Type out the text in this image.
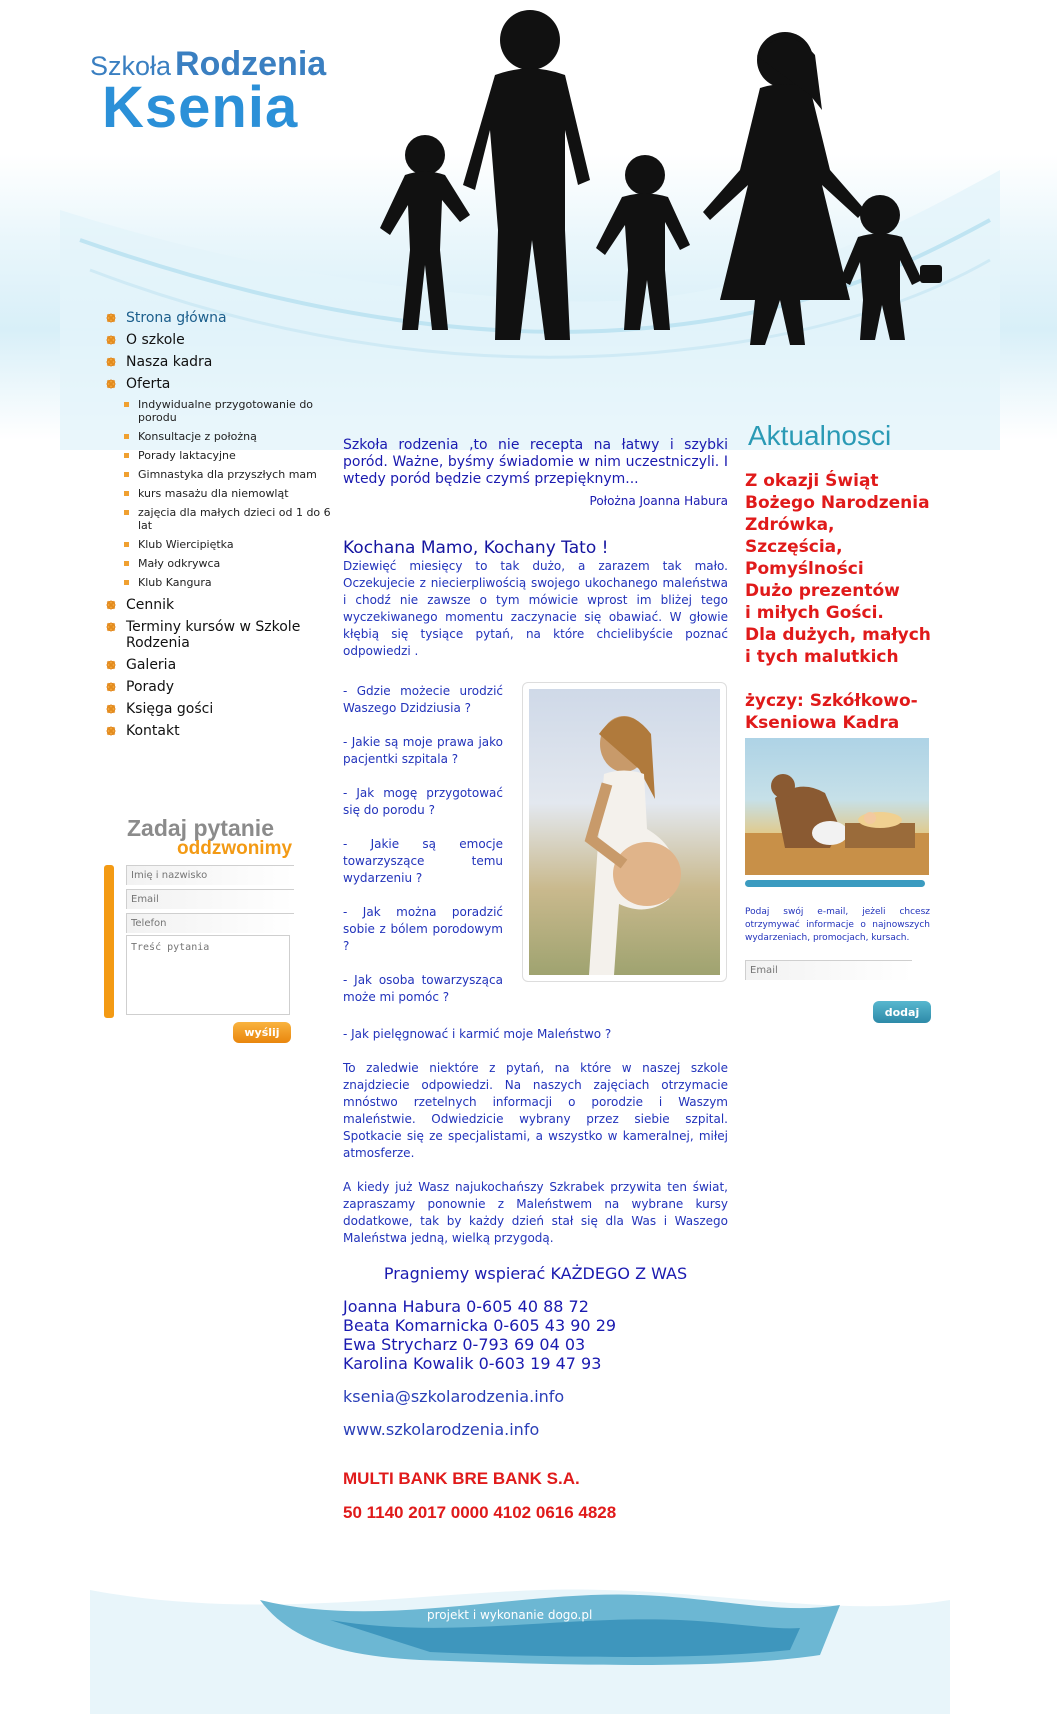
Szkoła Rodzenia
Ksenia
Strona główna
O szkole
Nasza kadra
Oferta
Indywidualne przygotowanie do porodu
Konsultacje z położną
Porady laktacyjne
Gimnastyka dla przyszłych mam
kurs masażu dla niemowląt
zajęcia dla małych dzieci od 1 do 6 lat
Klub Wiercipiętka
Mały odkrywca
Klub Kangura
Cennik
Terminy kursów w Szkole Rodzenia
Galeria
Porady
Księga gości
Kontakt
Zadaj pytanie
oddzwonimy
Imię i nazwisko
Email
Telefon
Treść pytania
wyślij
Szkoła rodzenia ,to nie recepta na łatwy i szybki poród. Ważne, byśmy świadomie w nim uczestniczyli. I wtedy poród będzie czymś przepięknym...
Położna Joanna Habura
Kochana Mamo, Kochany Tato !

Dziewięć miesięcy to tak dużo, a zarazem tak mało. Oczekujecie z niecierpliwością swojego ukochanego maleństwa i chodź nie zawsze o tym mówicie wprost im bliżej tego wyczekiwanego momentu zaczynacie się obawiać. W głowie kłębią się tysiące pytań, na które chcielibyście poznać odpowiedzi .

- Gdzie możecie urodzić Waszego Dzidziusia ?
- Jakie są moje prawa jako pacjentki szpitala ?
- Jak mogę przygotować się do porodu ?
- Jakie są emocje towarzyszące temu wydarzeniu ?
- Jak można poradzić sobie z bólem porodowym ?
- Jak osoba towarzysząca może mi pomóc ?

- Jak pielęgnować i karmić moje Maleństwo ?

To zaledwie niektóre z pytań, na które w naszej szkole znajdziecie odpowiedzi. Na naszych zajęciach otrzymacie mnóstwo rzetelnych informacji o porodzie i Waszym maleństwie. Odwiedzicie wybrany przez siebie szpital. Spotkacie się ze specjalistami, a wszystko w kameralnej, miłej atmosferze.

A kiedy już Wasz najukochańszy Szkrabek przywita ten świat, zapraszamy ponownie z Maleństwem na wybrane kursy dodatkowe, tak by każdy dzień stał się dla Was i Waszego Maleństwa jedną, wielką przygodą.

Pragniemy wspierać KAŻDEGO Z WAS
Joanna Habura 0-605 40 88 72
Beata Komarnicka 0-605 43 90 29
Ewa Strycharz 0-793 69 04 03
Karolina Kowalik 0-603 19 47 93
ksenia@szkolarodzenia.info
www.szkolarodzenia.info
MULTI BANK BRE BANK S.A.
50 1140 2017 0000 4102 0616 4828
Aktualnosci
Z okazji Świąt
Bożego Narodzenia
Zdrówka, Szczęścia,
Pomyślności
Dużo prezentów
i miłych Gości.
Dla dużych, małych
i tych malutkich
życzy: Szkółkowo-
Kseniowa Kadra
Podaj swój e-mail, jeżeli chcesz otrzymywać informacje o najnowszych wydarzeniach, promocjach, kursach.
Email
dodaj
projekt i wykonanie dogo.pl
